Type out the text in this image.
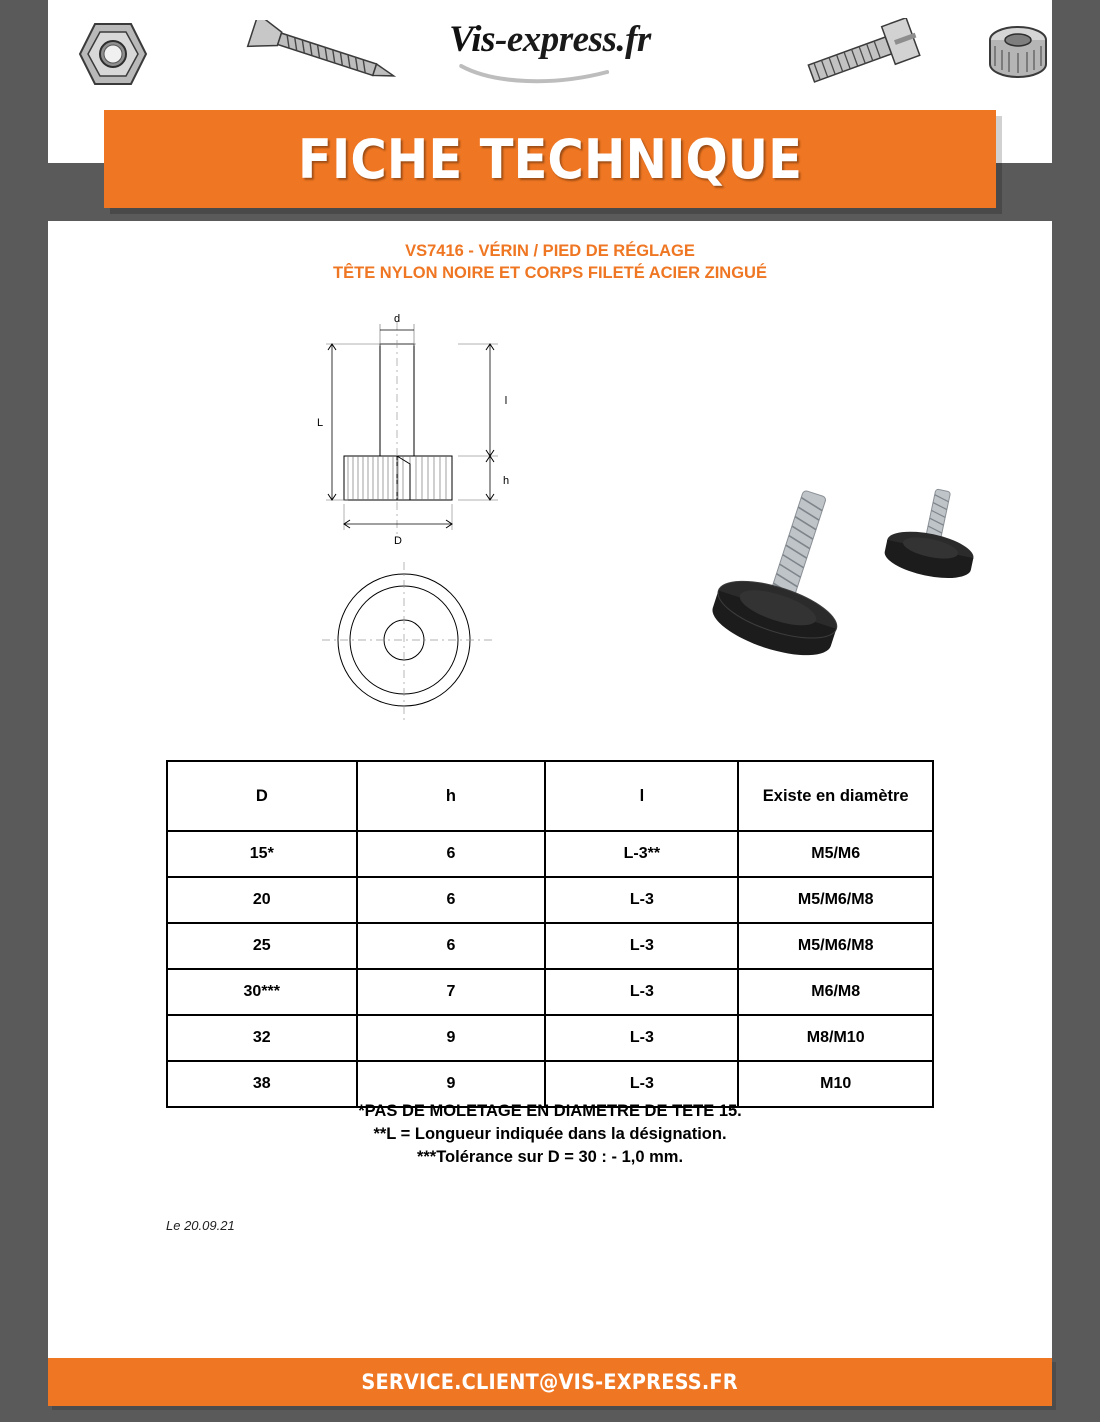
Vis-express.fr
FICHE TECHNIQUE
VS7416 - VÉRIN / PIED DE RÉGLAGE
TÊTE NYLON NOIRE ET CORPS FILETÉ ACIER ZINGUÉ
d
L
l
h
D
D	h	l	Existe en diamètre
15*	6	L-3**	M5/M6
20	6	L-3	M5/M6/M8
25	6	L-3	M5/M6/M8
30***	7	L-3	M6/M8
32	9	L-3	M8/M10
38	9	L-3	M10
*PAS DE MOLETAGE EN DIAMETRE DE TETE 15.
**L = Longueur indiquée dans la désignation.
***Tolérance sur D = 30 : - 1,0 mm.
Le 20.09.21
SERVICE.CLIENT@VIS-EXPRESS.FR
